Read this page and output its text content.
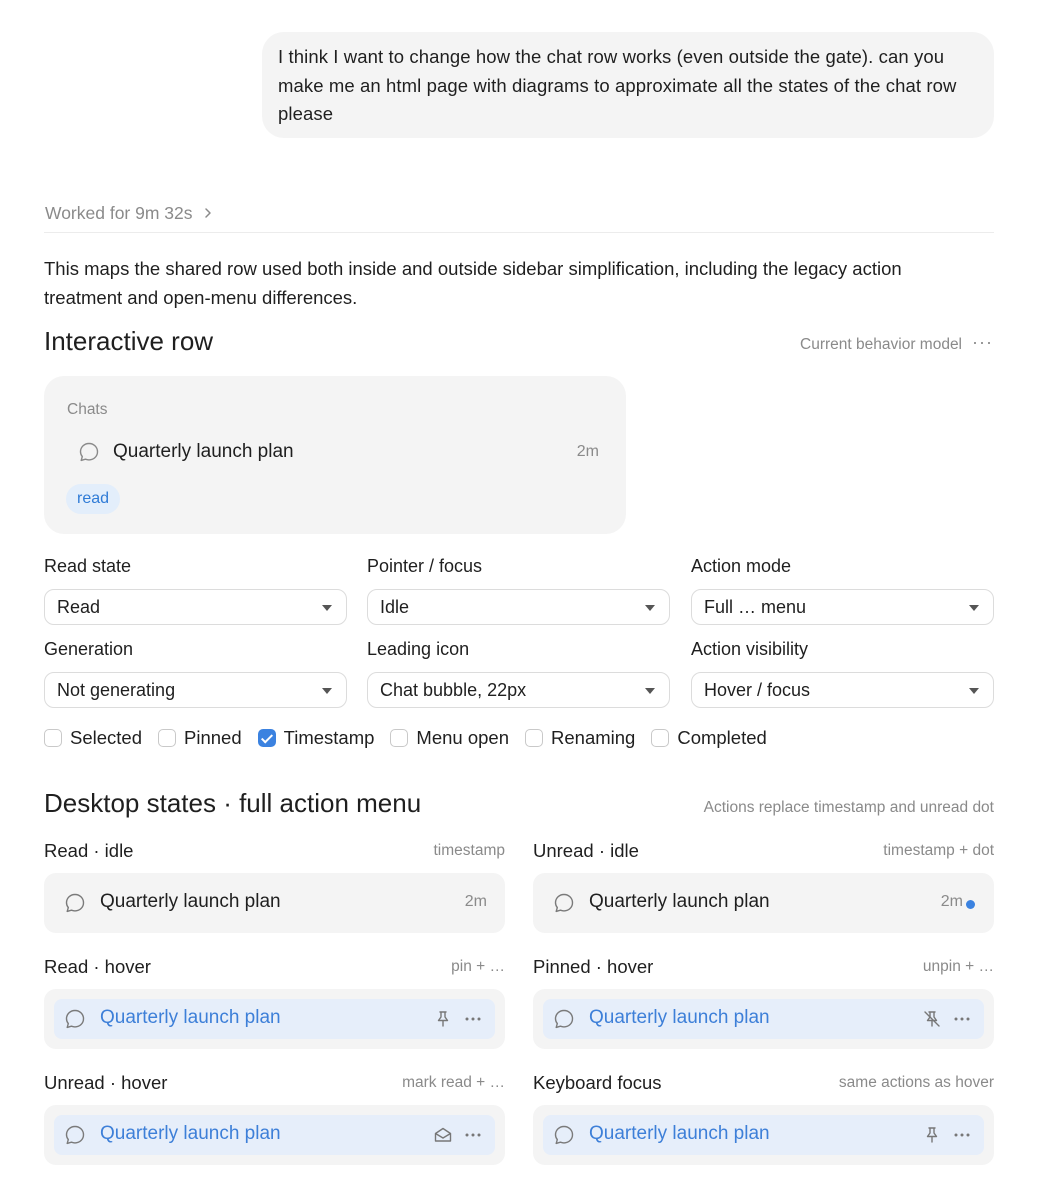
I think I want to change how the chat row works (even outside the gate). can you make me an html page with diagrams to approximate all the states of the chat row please
Worked for 9m 32s
This maps the shared row used both inside and outside sidebar simplification, including the legacy action treatment and open-menu differences.
Interactive row	Current behavior model ···
Chats
Quarterly launch plan	2m
read
Read state
Read
Pointer / focus
Idle
Action mode
Full … menu
Generation
Not generating
Leading icon
Chat bubble, 22px
Action visibility
Hover / focus
Selected Pinned Timestamp Menu open Renaming Completed
Desktop states · full action menu	Actions replace timestamp and unread dot
Read · idle	timestamp
Quarterly launch plan	2m
Unread · idle	timestamp + dot
Quarterly launch plan	2m
Read · hover	pin + …
Quarterly launch plan
Pinned · hover	unpin + …
Quarterly launch plan
Unread · hover	mark read + …
Quarterly launch plan
Keyboard focus	same actions as hover
Quarterly launch plan
